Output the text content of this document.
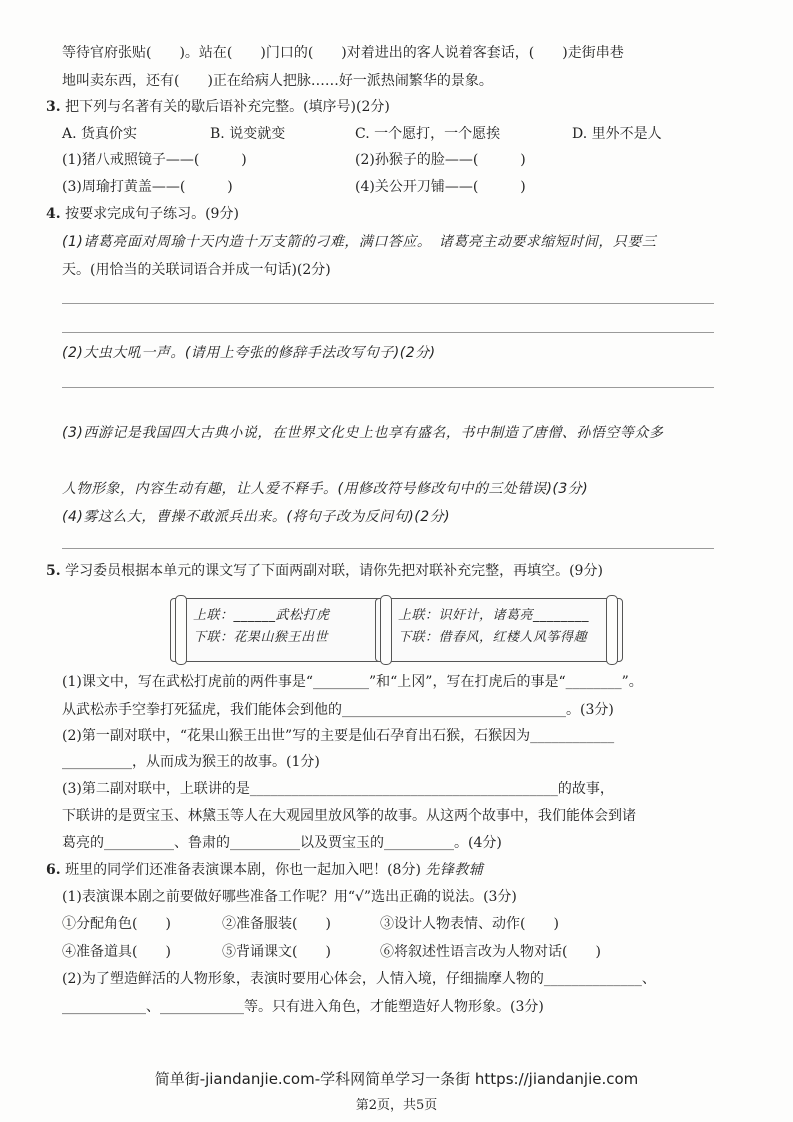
等待官府张贴(　　)。站在(　　)门口的(　　)对着进出的客人说着客套话，(　　)走街串巷
地叫卖东西，还有(　　)正在给病人把脉……好一派热闹繁华的景象。
3. 把下列与名著有关的歇后语补充完整。(填序号)(2分)
A. 货真价实	B. 说变就变	C. 一个愿打，一个愿挨	D. 里外不是人
(1)猪八戒照镜子——(　　　)	(2)孙猴子的脸——(　　　)
(3)周瑜打黄盖——(　　　)	(4)关公开刀铺——(　　　)
4. 按要求完成句子练习。(9分)
(1)诸葛亮面对周瑜十天内造十万支箭的刁难，满口答应。　诸葛亮主动要求缩短时间，只要三
天。(用恰当的关联词语合并成一句话)(2分)
(2)大虫大吼一声。(请用上夸张的修辞手法改写句子)(2分)
(3)西游记是我国四大古典小说，在世界文化史上也享有盛名，书中制造了唐僧、孙悟空等众多
人物形象，内容生动有趣，让人爱不释手。(用修改符号修改句中的三处错误)(3分)
(4)雾这么大，曹操不敢派兵出来。(将句子改为反问句)(2分)
5. 学习委员根据本单元的课文写了下面两副对联，请你先把对联补充完整，再填空。(9分)
上联：______武松打虎
下联：花果山猴王出世
上联：识奸计，诸葛亮________
下联：借春风，红楼人风筝得趣
(1)课文中，写在武松打虎前的两件事是“________”和“上冈”，写在打虎后的事是“________”。
从武松赤手空拳打死猛虎，我们能体会到他的________________________________。(3分)
(2)第一副对联中，“花果山猴王出世”写的主要是仙石孕育出石猴，石猴因为____________
__________，从而成为猴王的故事。(1分)
(3)第二副对联中，上联讲的是____________________________________________的故事，
下联讲的是贾宝玉、林黛玉等人在大观园里放风筝的故事。从这两个故事中，我们能体会到诸
葛亮的__________、鲁肃的__________以及贾宝玉的__________。(4分)
6. 班里的同学们还准备表演课本剧，你也一起加入吧！(8分) 先锋教辅
(1)表演课本剧之前要做好哪些准备工作呢？用“√”选出正确的说法。(3分)
①分配角色(　　)	②准备服装(　　)	③设计人物表情、动作(　　)
④准备道具(　　)	⑤背诵课文(　　)	⑥将叙述性语言改为人物对话(　　)
(2)为了塑造鲜活的人物形象，表演时要用心体会，人情入境，仔细揣摩人物的______________、
____________、____________等。只有进入角色，才能塑造好人物形象。(3分)
简单街-jiandanjie.com-学科网简单学习一条街 https://jiandanjie.com
第2页，共5页
